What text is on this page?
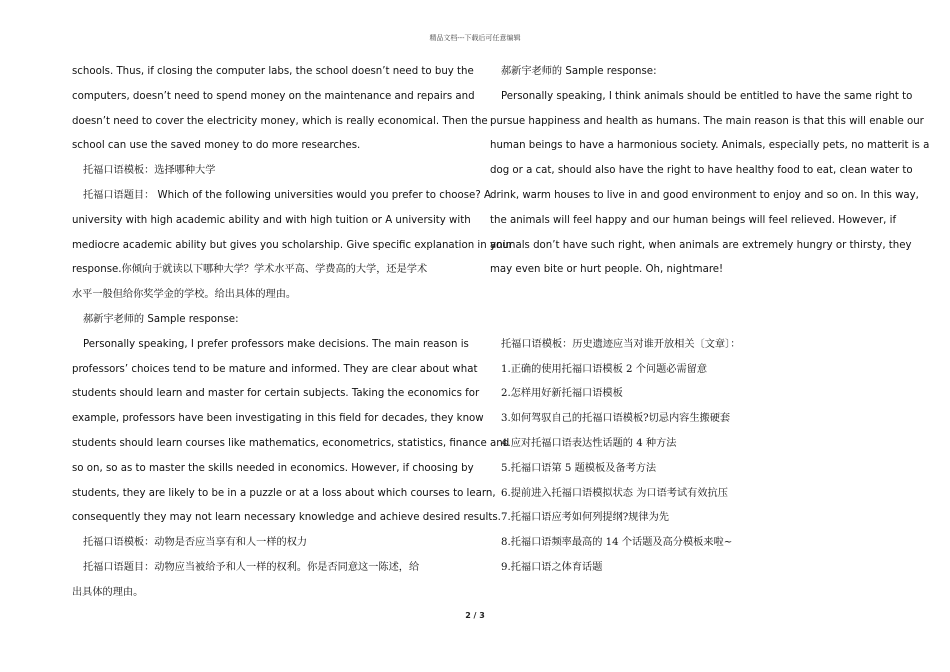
精品文档---下载后可任意编辑
schools. Thus, if closing the computer labs, the school doesn’t need to buy the
computers, doesn’t need to spend money on the maintenance and repairs and
doesn’t need to cover the electricity money, which is really economical. Then the
school can use the saved money to do more researches.
托福口语模板：选择哪种大学
托福口语题目： Which of the following universities would you prefer to choose? A
university with high academic ability and with high tuition or A university with
mediocre academic ability but gives you scholarship. Give specific explanation in your
response.你倾向于就读以下哪种大学？学术水平高、学费高的大学，还是学术
水平一般但给你奖学金的学校。给出具体的理由。
郝新宇老师的 Sample response:
Personally speaking, I prefer professors make decisions. The main reason is
professors’ choices tend to be mature and informed. They are clear about what
students should learn and master for certain subjects. Taking the economics for
example, professors have been investigating in this field for decades, they know
students should learn courses like mathematics, econometrics, statistics, finance and
so on, so as to master the skills needed in economics. However, if choosing by
students, they are likely to be in a puzzle or at a loss about which courses to learn,
consequently they may not learn necessary knowledge and achieve desired results.
托福口语模板：动物是否应当享有和人一样的权力
托福口语题目：动物应当被给予和人一样的权利。你是否同意这一陈述，给
出具体的理由。
郝新宇老师的 Sample response:
Personally speaking, I think animals should be entitled to have the same right to
pursue happiness and health as humans. The main reason is that this will enable our
human beings to have a harmonious society. Animals, especially pets, no matterit is a
dog or a cat, should also have the right to have healthy food to eat, clean water to
drink, warm houses to live in and good environment to enjoy and so on. In this way,
the animals will feel happy and our human beings will feel relieved. However, if
animals don’t have such right, when animals are extremely hungry or thirsty, they
may even bite or hurt people. Oh, nightmare!
托福口语模板：历史遗迹应当对谁开放相关〔文章〕：
1.正确的使用托福口语模板 2 个问题必需留意
2.怎样用好新托福口语模板
3.如何驾驭自己的托福口语模板?切忌内容生搬硬套
4.应对托福口语表达性话题的 4 种方法
5.托福口语第 5 题模板及备考方法
6.提前进入托福口语模拟状态 为口语考试有效抗压
7.托福口语应考如何列提纲?规律为先
8.托福口语频率最高的 14 个话题及高分模板来啦~
9.托福口语之体育话题
2 / 3
